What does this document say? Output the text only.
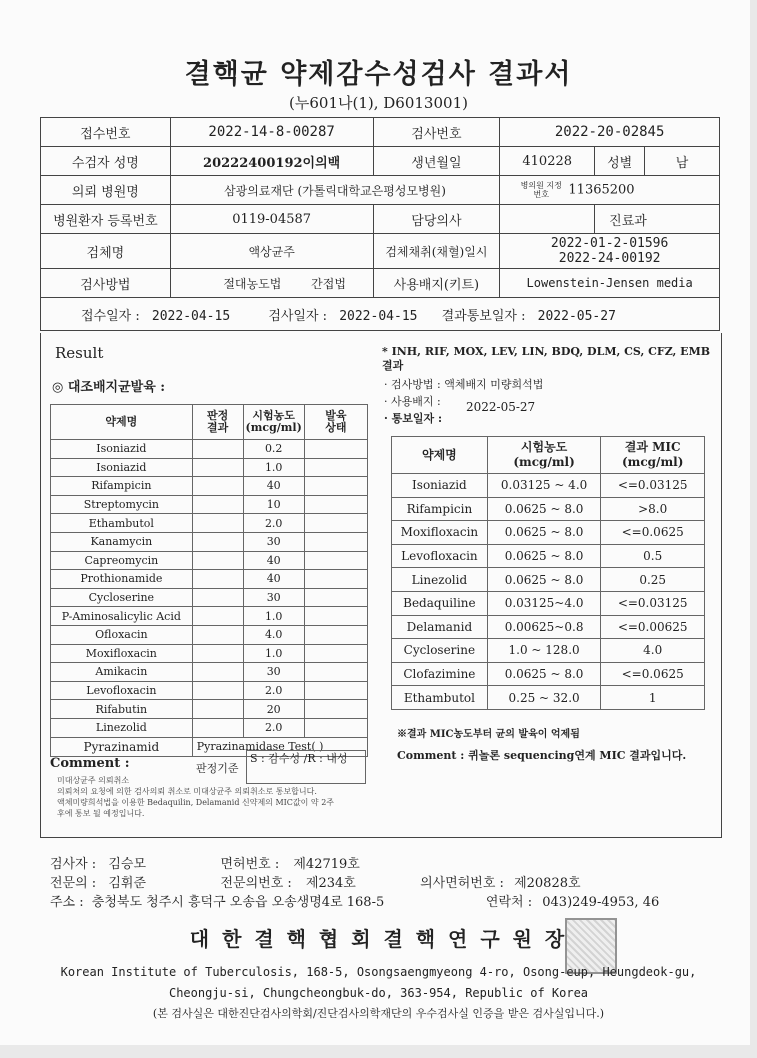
결핵균 약제감수성검사 결과서
(누601나(1), D6013001)
접수번호	2022-14-8-00287	검사번호	2022-20-02845		
수검자 성명	20222400192이의백	생년월일	410228	성별	남
의뢰 병원명	삼광의료재단 (가톨릭대학교은평성모병원)		병의원 지정번호 11365200		
병원환자 등록번호	0119-04587	담당의사		진료과	
검체명	액상균주	검체채취(채혈)일시	2022-01-2-01596
2022-24-00192		

검사방법	절대농도법 간접법	사용배지(키트)	Lowenstein-Jensen media		
접수일자 : 2022-04-15 검사일자 : 2022-04-15 결과통보일자 : 2022-05-27					
Result
◎ 대조배지균발육 :
약제명	판정 결과	시험농도 (mcg/ml)	발육 상태

Isoniazid		0.2	
Isoniazid		1.0	
Rifampicin		40	
Streptomycin		10	
Ethambutol		2.0	
Kanamycin		30	
Capreomycin		40	
Prothionamide		40	
Cycloserine		30	
P-Aminosalicylic Acid		1.0	
Ofloxacin		4.0	
Moxifloxacin		1.0	
Amikacin		30	
Levofloxacin		2.0	
Rifabutin		20	
Linezolid		2.0	
Pyrazinamid	Pyrazinamidase Test( )		
Comment :	판정기준
S : 감수성 /R : 내성
미대상균주 의뢰취소
의뢰처의 요청에 의한 검사의뢰 취소로 미대상균주 의뢰취소로 통보합니다.
액체미량희석법을 이용한 Bedaquilin, Delamanid 신약제의 MIC값이 약 2주
후에 통보 될 예정입니다.
* INH, RIF, MOX, LEV, LIN, BDQ, DLM, CS, CFZ, EMB
결과
· 검사방법 : 액체배지 미량희석법
· 사용배지 :
· 통보일자 :
2022-05-27
약제명	시험농도 (mcg/ml)	결과 MIC (mcg/ml)

Isoniazid	0.03125 ~ 4.0	<=0.03125
Rifampicin	0.0625 ~ 8.0	>8.0
Moxifloxacin	0.0625 ~ 8.0	<=0.0625
Levofloxacin	0.0625 ~ 8.0	0.5
Linezolid	0.0625 ~ 8.0	0.25
Bedaquiline	0.03125~4.0	<=0.03125
Delamanid	0.00625~0.8	<=0.00625
Cycloserine	1.0 ~ 128.0	4.0
Clofazimine	0.0625 ~ 8.0	<=0.0625
Ethambutol	0.25 ~ 32.0	1
※결과 MIC농도부터 균의 발육이 억제됨
Comment : 퀴놀론 sequencing연계 MIC 결과입니다.
검사자 : 김승모	면허번호 : 제42719호
전문의 : 김휘준	전문의번호 : 제234호	의사면허번호 : 제20828호
주소 : 충청북도 청주시 흥덕구 오송읍 오송생명4로 168-5	연락처 : 043)249-4953, 46
대 한 결 핵 협 회 결 핵 연 구 원 장
Korean Institute of Tuberculosis, 168-5, Osongsaengmyeong 4-ro, Osong-eup, Heungdeok-gu,
Cheongju-si, Chungcheongbuk-do, 363-954, Republic of Korea
(본 검사실은 대한진단검사의학회/진단검사의학재단의 우수검사실 인증을 받은 검사실입니다.)
